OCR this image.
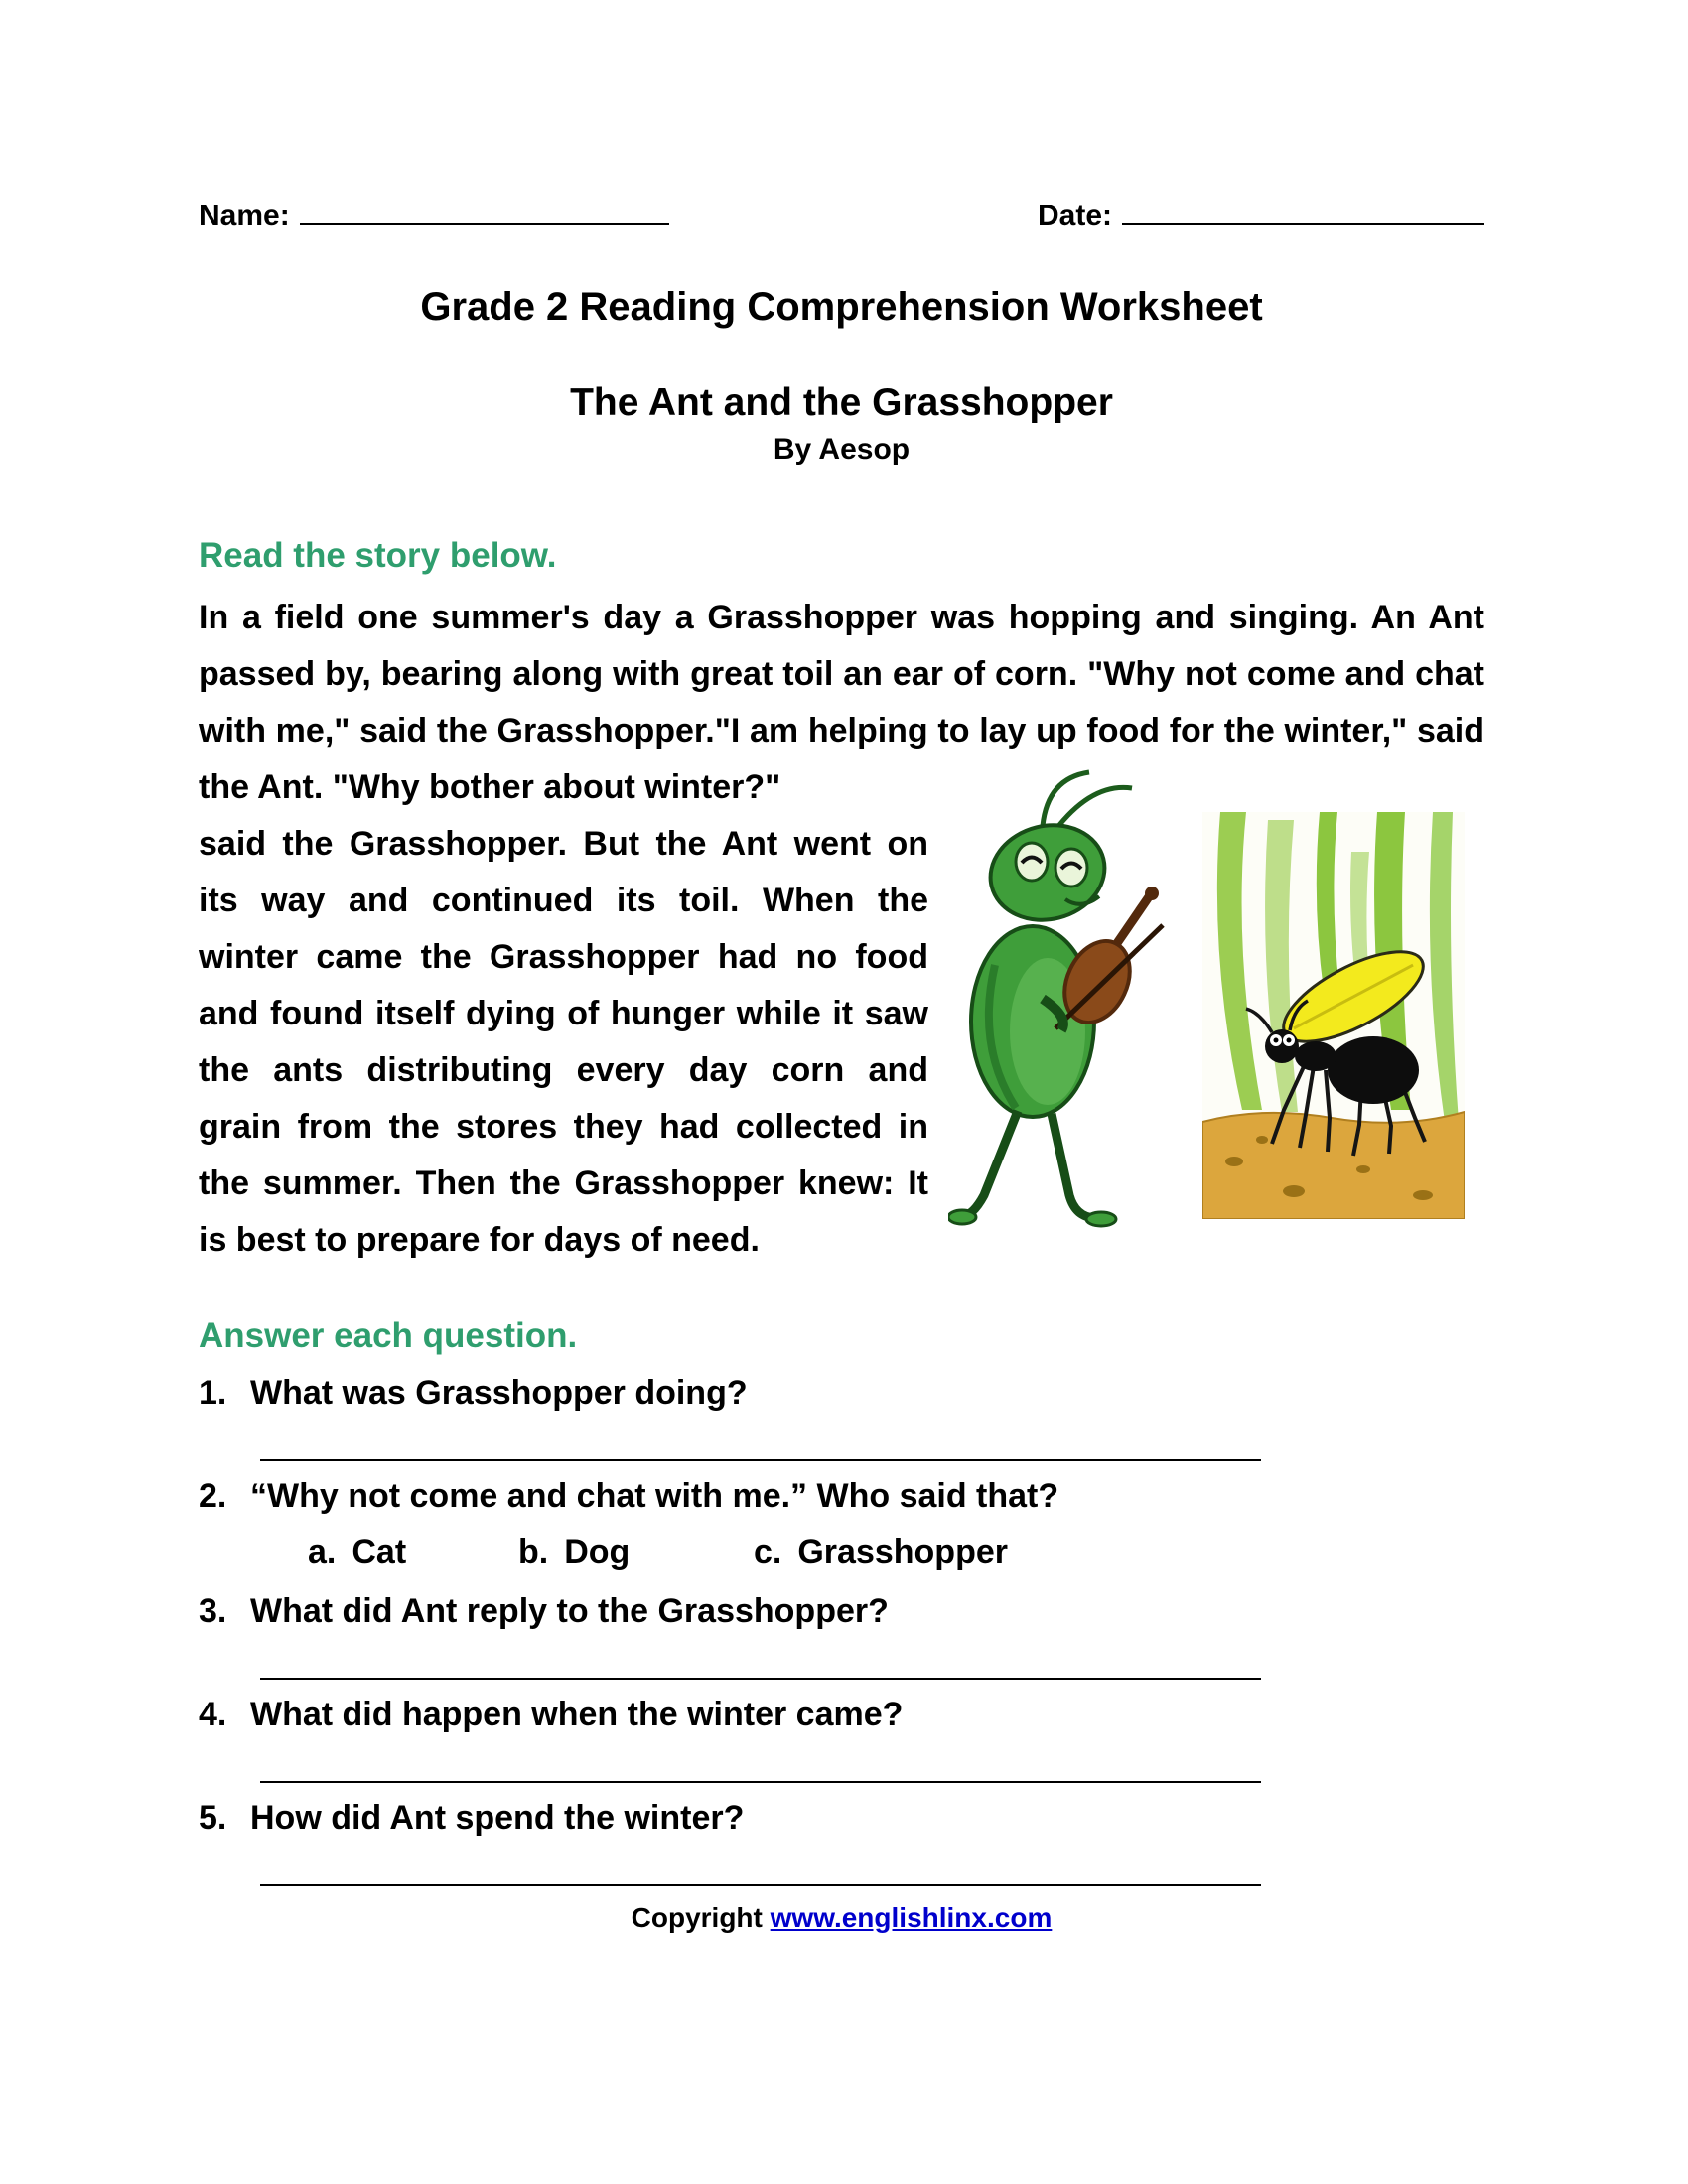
Name:	Date:
Grade 2 Reading Comprehension Worksheet
The Ant and the Grasshopper
By Aesop
Read the story below.

In a field one summer's day a Grasshopper was hopping and singing. An Ant passed by, bearing along with great toil an ear of corn. "Why not come and chat with me," said the Grasshopper."I am helping to lay up food for the winter," said the Ant. "Why bother about winter?"

said the Grasshopper. But the Ant went on its way and continued its toil. When the winter came the Grasshopper had no food and found itself dying of hunger while it saw the ants distributing every day corn and grain from the stores they had collected in the summer. Then the Grasshopper knew: It is best to prepare for days of need.

Answer each question.
1. What was Grasshopper doing?
2. “Why not come and chat with me.” Who said that?
a. Cat	b. Dog	c. Grasshopper
3. What did Ant reply to the Grasshopper?
4. What did happen when the winter came?
5. How did Ant spend the winter?
Copyright www.englishlinx.com
